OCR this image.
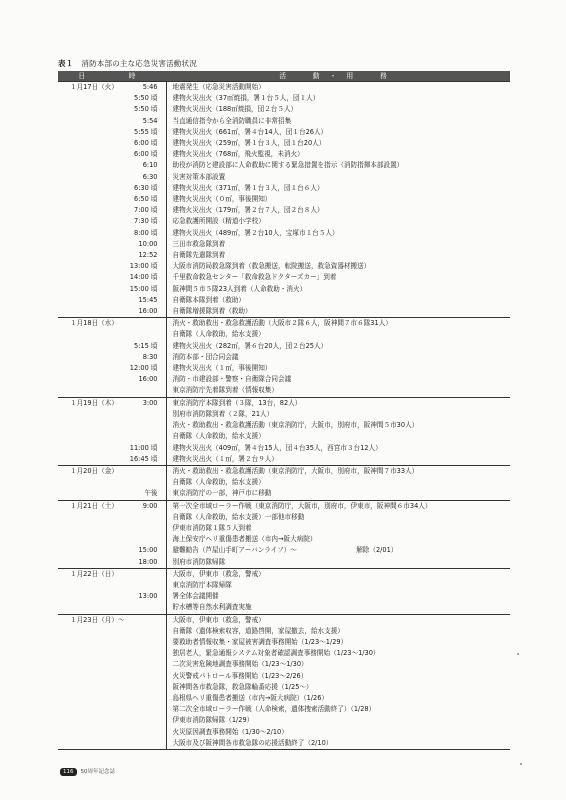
表１ 消防本部の主な応急災害活動状況
日　　時		活　動・用　務
１月17日（火）	5:46	地震発生（応急災害活動開始）
	5:50 頃	建物火災出火（37㎡焼損，署１台５人，団１人）
	5:50 頃	建物火災出火（188㎡焼損，団２台５人）
	5:54	当直通信指令から全消防職員に非常招集
	5:55 頃	建物火災出火（661㎡，署４台14人，団１台26人）
	6:00 頃	建物火災出火（259㎡，署１台３人，団１台20人）
	6:00 頃	建物火災出火（768㎡，飛火監視，未消火）
	6:10	助役が消防と建設部に人命救助に関する緊急措置を指示（消防指揮本部設置）
	6:30	災害対策本部設置
	6:30 頃	建物火災出火（371㎡，署１台３人，団１台６人）
	6:50 頃	建物火災出火（０㎡，事後開知）
	7:00 頃	建物火災出火（179㎡，署２台７人，団２台８人）
	7:30 頃	応急救護所開設（精道小学校）
	8:00 頃	建物火災出火（489㎡，署２台10人，宝塚市１台５人）
	10:00	三田市救急隊到着
	12:52	自衛隊先遣隊到着
	13:00 頃	大阪市消防局救急隊到着（救急搬送，転院搬送，救急資器材搬送）
	14:00 頃	千里救命救急センター「救命救急ドクターズカー」到着
	15:00 頃	阪神間５市５隊23人到着（人命救助・消火）
	15:45	自衛隊本隊到着（救助）
	16:00	自衛隊増援隊到着（救助）
１月18日（水）		消火・救助救出・救急救護活動（大阪市２隊６人，阪神間７市６隊31人）
		自衛隊（人命救助，給水支援）
	5:15 頃	建物火災出火（282㎡，署６台20人，団２台25人）
	8:30	消防本部・団合同会議
	12:00 頃	建物火災出火（１㎡，事後開知）
	16:00	消防・市建設部・警察・自衛隊合同会議
		東京消防庁先着隊到着（情報収集）
１月19日（木）	3:00	東京消防庁本隊到着（３隊，13台，82人）
		別府市消防隊到着（２隊，21人）
		消火・救助救出・救急救護活動（東京消防庁，大阪市，別府市，阪神間５市30人）
		自衛隊（人命救助，給水支援）
	11:00 頃	建物火災出火（409㎡，署４台15人，団４台35人，西宮市３台12人）
	16:45 頃	建物火災出火（１㎡，署２台９人）
１月20日（金）		消火・救助救出・救急救護活動（東京消防庁，大阪市，別府市，阪神間７市33人）
		自衛隊（人命救助，給水支援）
	午後	東京消防庁の一部，神戸市に移動
１月21日（土）	9:00	第一次全市域ローラー作戦（東京消防庁，大阪市，別府市，伊東市，阪神間６市34人）
		自衛隊（人命救助，給水支援）一部他市移動
		伊東市消防隊１隊５人到着
		海上保安庁ヘリ重傷患者搬送（市内→阪大病院）
	15:00	避難勧告（芦屋山手町アーバンライフ）～　　　　　　　　　解除（2/01）
	18:00	別府市消防隊帰隊
１月22日（日）		大阪市，伊東市（救急，警戒）
		東京消防庁本隊帰隊
	13:00	署全体会議開催
		貯水槽等自然水利調査実施
１月23日（月）～		大阪市，伊東市（救急，警戒）
		自衛隊（遺体検索収容，道路啓開，家屋撤去，給水支援）
		要救助者情報収集・家屋被害調査事務開始（1/23～1/29）
		独居老人，緊急通報システム対象者確認調査事務開始（1/23～1/30）
		二次災害危険地調査事務開始（1/23～1/30）
		火災警戒パトロール事務開始（1/23～2/26）
		阪神間各市救急隊，救急隊輪番応援（1/25～）
		島根県ヘリ重傷患者搬送（市内→阪大病院）（1/26）
		第二次全市域ローラー作戦（人命検索，遺体捜索活動終了）（1/28）
		伊東市消防隊帰隊（1/29）
		火災原因調査事務開始（1/30～2/10）
		大阪市及び阪神間各市救急隊の応援活動終了（2/10）
116 50周年記念誌
